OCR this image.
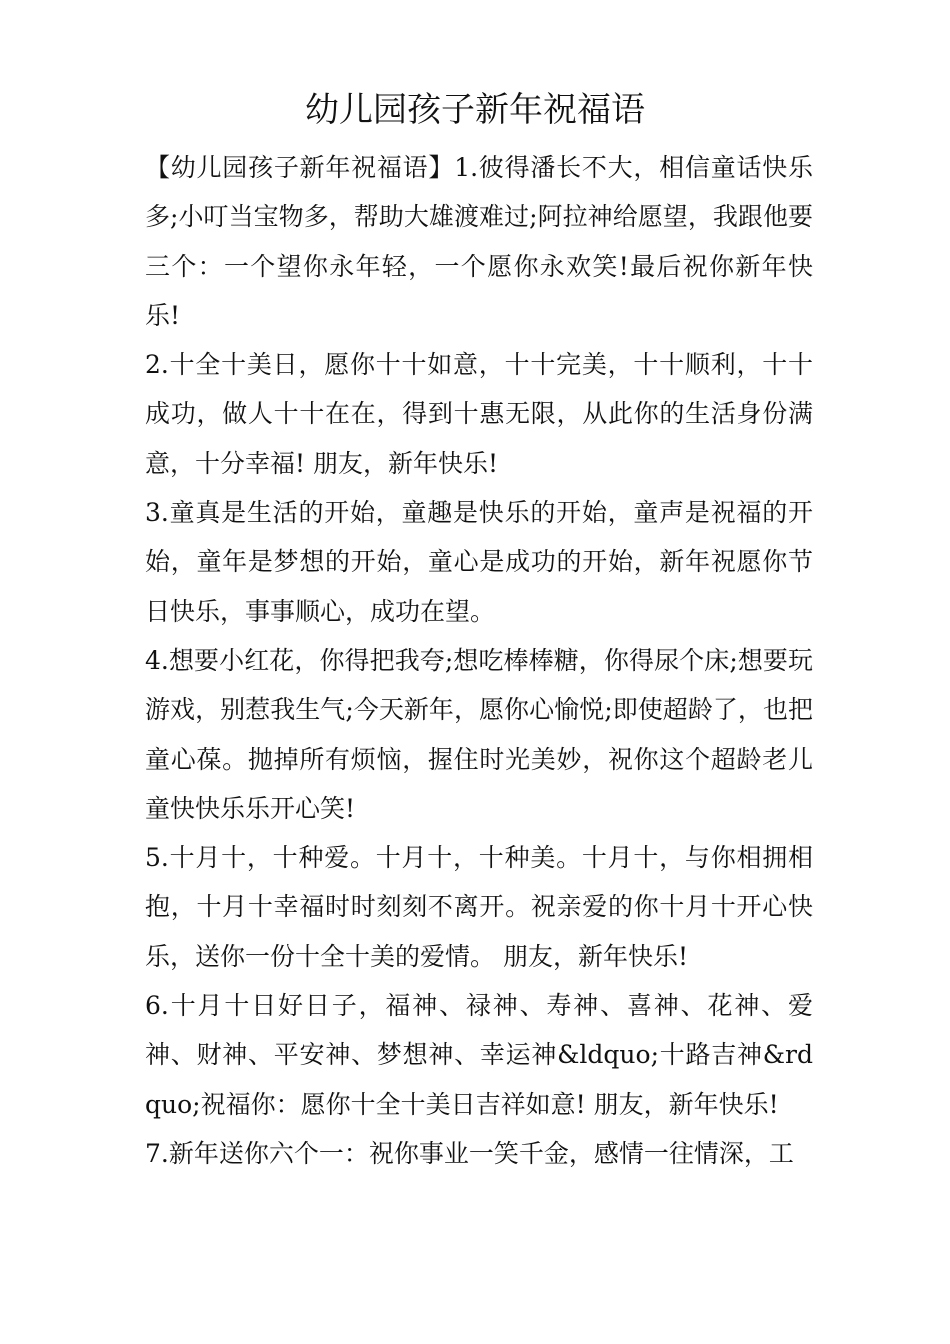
幼儿园孩子新年祝福语

【幼儿园孩子新年祝福语】1.彼得潘长不大，相信童话快乐多;小叮当宝物多，帮助大雄渡难过;阿拉神给愿望，我跟他要三个：一个望你永年轻，一个愿你永欢笑!最后祝你新年快乐!

2.十全十美日，愿你十十如意，十十完美，十十顺利，十十成功，做人十十在在，得到十惠无限，从此你的生活身份满意，十分幸福! 朋友，新年快乐!

3.童真是生活的开始，童趣是快乐的开始，童声是祝福的开始，童年是梦想的开始，童心是成功的开始，新年祝愿你节日快乐，事事顺心，成功在望。

4.想要小红花，你得把我夸;想吃棒棒糖，你得尿个床;想要玩游戏，别惹我生气;今天新年，愿你心愉悦;即使超龄了，也把童心葆。抛掉所有烦恼，握住时光美妙，祝你这个超龄老儿童快快乐乐开心笑!

5.十月十，十种爱。十月十，十种美。十月十，与你相拥相抱，十月十幸福时时刻刻不离开。祝亲爱的你十月十开心快乐，送你一份十全十美的爱情。 朋友，新年快乐!

6.十月十日好日子，福神、禄神、寿神、喜神、花神、爱神、财神、平安神、梦想神、幸运神&ldquo;十路吉神&rdquo;祝福你：愿你十全十美日吉祥如意! 朋友，新年快乐!

7.新年送你六个一：祝你事业一笑千金，感情一往情深，工
